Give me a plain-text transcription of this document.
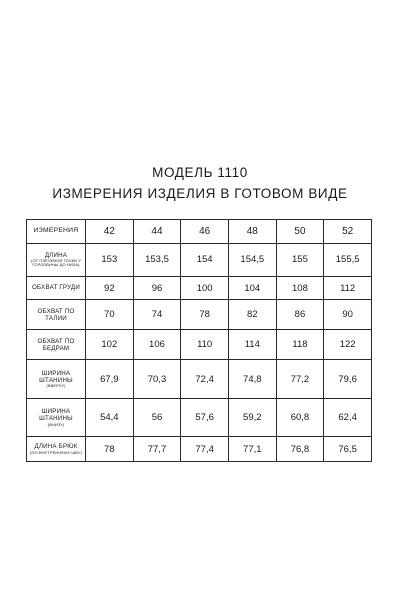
МОДЕЛЬ 1110
ИЗМЕРЕНИЯ ИЗДЕЛИЯ В ГОТОВОМ ВИДЕ
ИЗМЕРЕНИЯ	42	44	46	48	50	52

ДЛИНА
(ОТ ПЛЕЧЕВОЙ ТОЧКИ У ГОРЛОВИНЫ ДО НИЗА)	153	153,5	154	154,5	155	155,5

ОБХВАТ ГРУДИ	92	96	100	104	108	112

ОБХВАТ ПО ТАЛИИ	70	74	78	82	86	90

ОБХВАТ ПО БЕДРАМ	102	106	110	114	118	122

ШИРИНА ШТАНИНЫ
(ВВЕРХУ)	67,9	70,3	72,4	74,8	77,2	79,6

ШИРИНА ШТАНИНЫ
(ВНИЗУ)	54,4	56	57,6	59,2	60,8	62,4

ДЛИНА БРЮК
(ПО ВНУТРЕННЕМУ ШВУ)	78	77,7	77,4	77,1	76,8	76,5
